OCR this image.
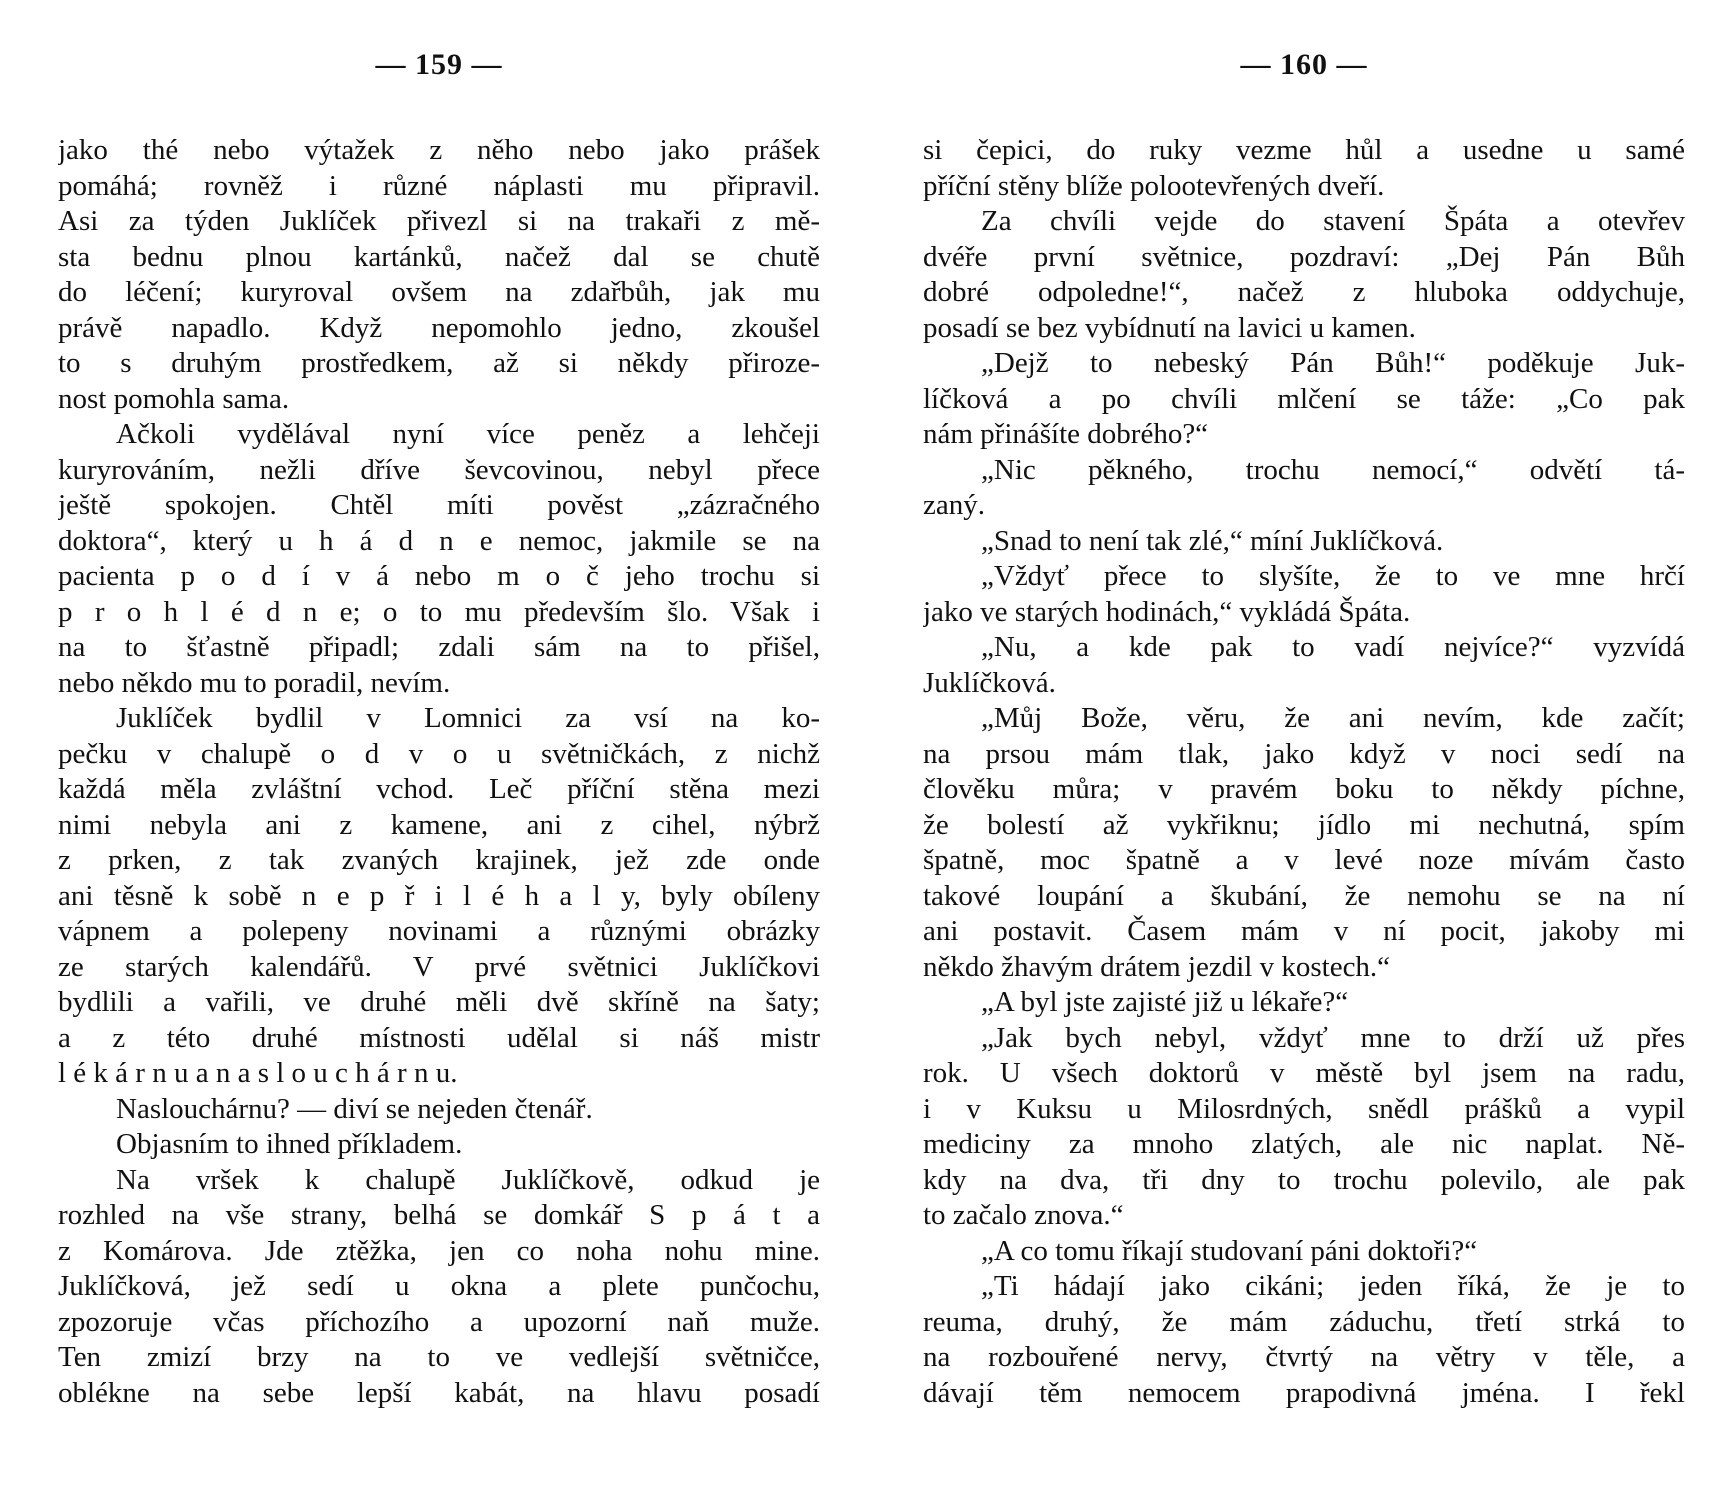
— 159 —
jako thé nebo výtažek z něho nebo jako prášek
pomáhá; rovněž i různé náplasti mu připravil.
Asi za týden Juklíček přivezl si na trakaři z mě-
sta bednu plnou kartánků, načež dal se chutě
do léčení; kuryroval ovšem na zdařbůh, jak mu
právě napadlo. Když nepomohlo jedno, zkoušel
to s druhým prostředkem, až si někdy přiroze-
nost pomohla sama.
Ačkoli vydělával nyní více peněz a lehčeji
kuryrováním, nežli dříve ševcovinou, nebyl přece
ještě spokojen. Chtěl míti pověst „zázračného
doktora“, který u h á d n e nemoc, jakmile se na
pacienta p o d í v á nebo m o č jeho trochu si
p r o h l é d n e; o to mu především šlo. Však i
na to šťastně připadl; zdali sám na to přišel,
nebo někdo mu to poradil, nevím.
Juklíček bydlil v Lomnici za vsí na ko-
pečku v chalupě o d v o u světničkách, z nichž
každá měla zvláštní vchod. Leč příční stěna mezi
nimi nebyla ani z kamene, ani z cihel, nýbrž
z prken, z tak zvaných krajinek, jež zde onde
ani těsně k sobě n e p ř i l é h a l y, byly obíleny
vápnem a polepeny novinami a různými obrázky
ze starých kalendářů. V prvé světnici Juklíčkovi
bydlili a vařili, ve druhé měli dvě skříně na šaty;
a z této druhé místnosti udělal si náš mistr
l é k á r n u a n a s l o u c h á r n u.
Naslouchárnu? — diví se nejeden čtenář.
Objasním to ihned příkladem.
Na vršek k chalupě Juklíčkově, odkud je
rozhled na vše strany, belhá se domkář S p á t a
z Komárova. Jde ztěžka, jen co noha nohu mine.
Juklíčková, jež sedí u okna a plete punčochu,
zpozoruje včas příchozího a upozorní naň muže.
Ten zmizí brzy na to ve vedlejší světničce,
obléknе na sebe lepší kabát, na hlavu posadí
— 160 —
si čepici, do ruky vezme hůl a usedne u samé
příční stěny blíže polootevřených dveří.
Za chvíli vejde do stavení Špáta a otevřev
dvéře první světnice, pozdraví: „Dej Pán Bůh
dobré odpoledne!“, načež z hluboka oddychuje,
posadí se bez vybídnutí na lavici u kamen.
„Dejž to nebeský Pán Bůh!“ poděkuje Juk-
líčková a po chvíli mlčení se táže: „Co pak
nám přinášíte dobrého?“
„Nic pěkného, trochu nemocí,“ odvětí tá-
zaný.
„Snad to není tak zlé,“ míní Juklíčková.
„Vždyť přece to slyšíte, že to ve mne hrčí
jako ve starých hodinách,“ vykládá Špáta.
„Nu, a kde pak to vadí nejvíce?“ vyzvídá
Juklíčková.
„Můj Bože, věru, že ani nevím, kde začít;
na prsou mám tlak, jako když v noci sedí na
člověku můra; v pravém boku to někdy píchne,
že bolestí až vykřiknu; jídlo mi nechutná, spím
špatně, moc špatně a v levé noze mívám často
takové loupání a škubání, že nemohu se na ní
ani postavit. Časem mám v ní pocit, jakoby mi
někdo žhavým drátem jezdil v kostech.“
„A byl jste zajisté již u lékaře?“
„Jak bych nebyl, vždyť mne to drží už přes
rok. U všech doktorů v městě byl jsem na radu,
i v Kuksu u Milosrdných, snědl prášků a vypil
mediciny za mnoho zlatých, ale nic naplat. Ně-
kdy na dva, tři dny to trochu polevilo, ale pak
to začalo znova.“
„A co tomu říkají studovaní páni doktoři?“
„Ti hádají jako cikáni; jeden říká, že je to
reuma, druhý, že mám záduchu, třetí strká to
na rozbouřené nervy, čtvrtý na větry v těle, a
dávají těm nemocem prapodivná jména. I řekl
